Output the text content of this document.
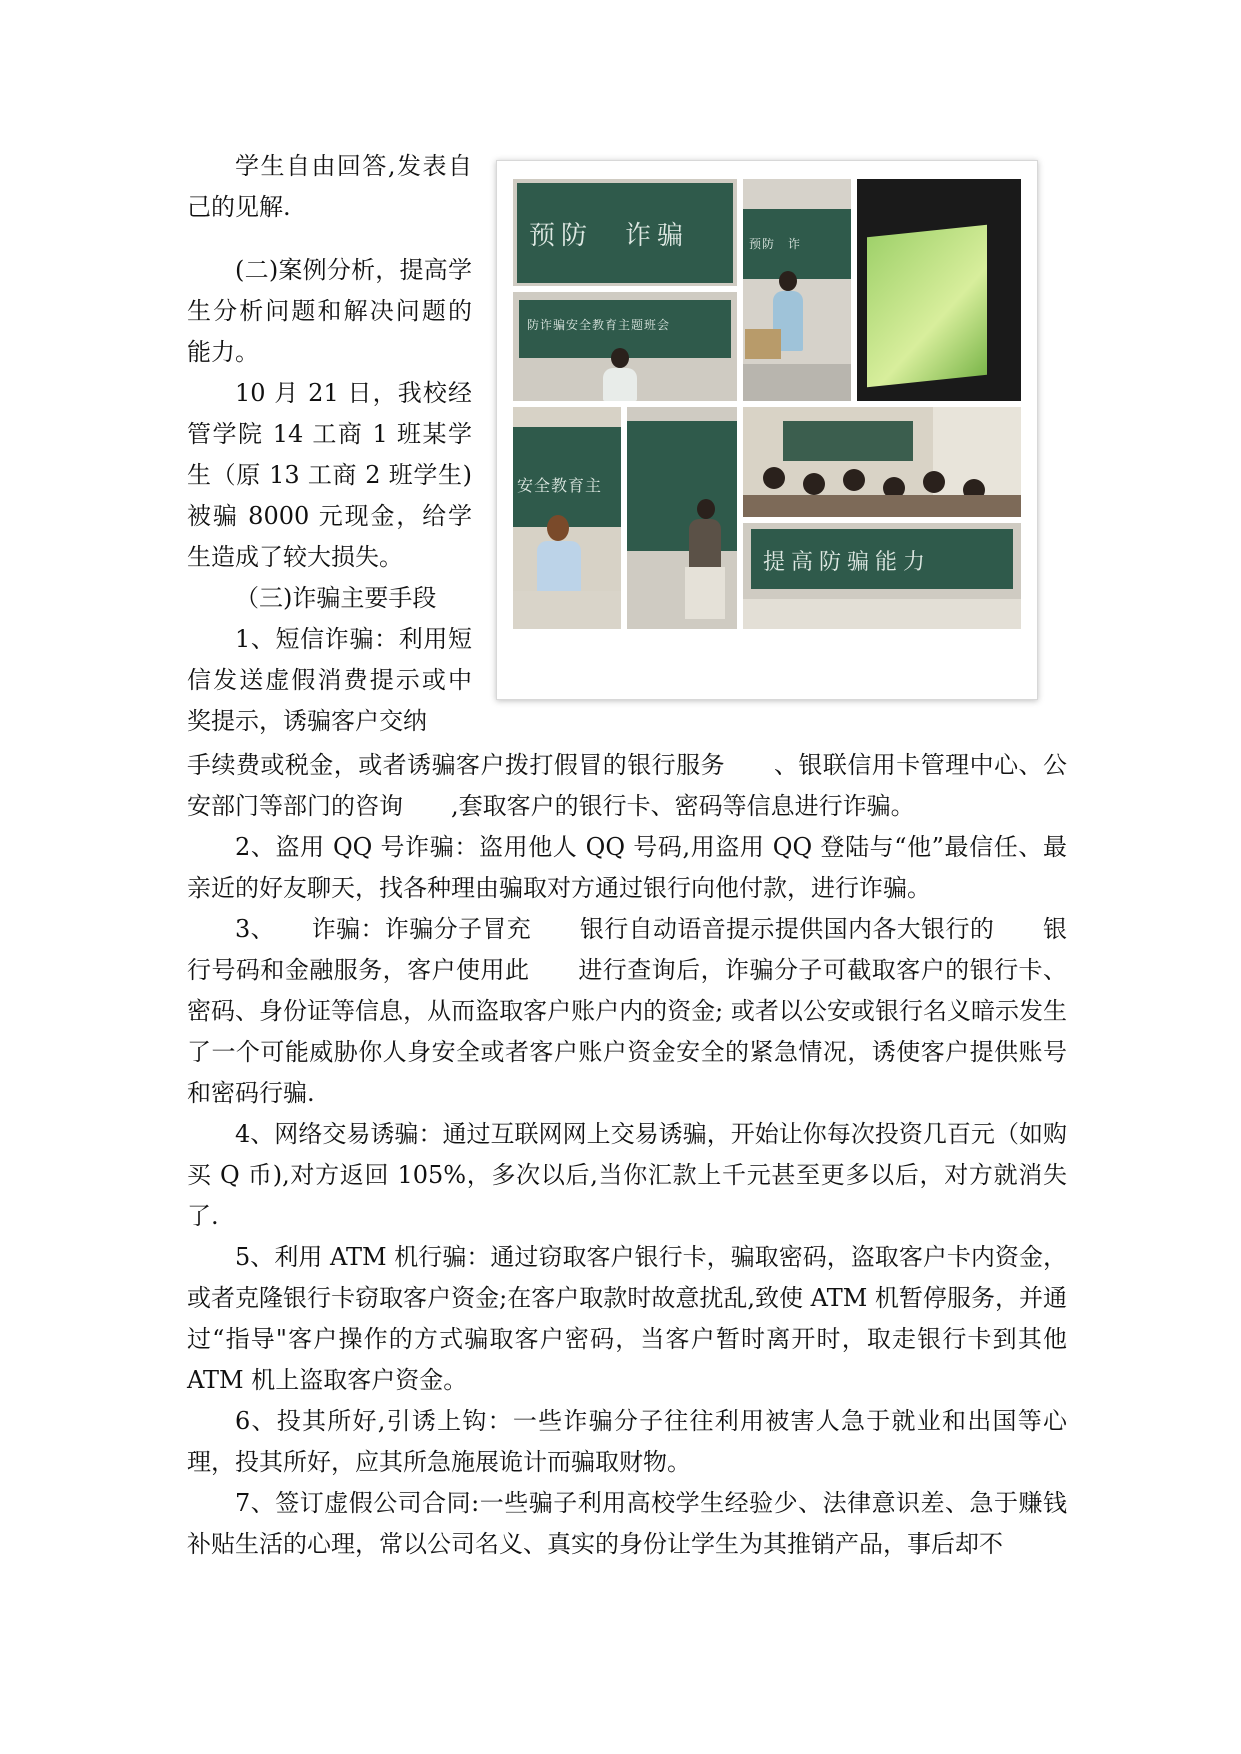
学生自由回答,发表自己的见解.

(二)案例分析，提高学生分析问题和解决问题的能力。

10 月 21 日，我校经管学院 14 工商 1 班某学生（原 13 工商 2 班学生) 被骗 8000 元现金，给学生造成了较大损失。

（三)诈骗主要手段

1、短信诈骗：利用短信发送虚假消费提示或中奖提示，诱骗客户交纳

预防　诈骗	预防　诈
防诈骗安全教育主题班会
安全教育主
提高防骗能力

手续费或税金，或者诱骗客户拨打假冒的银行服务　　、银联信用卡管理中心、公安部门等部门的咨询　　,套取客户的银行卡、密码等信息进行诈骗。

2、盗用 QQ 号诈骗：盗用他人 QQ 号码,用盗用 QQ 登陆与“他”最信任、最亲近的好友聊天，找各种理由骗取对方通过银行向他付款，进行诈骗。

3、　　诈骗：诈骗分子冒充　　银行自动语音提示提供国内各大银行的　　银行号码和金融服务，客户使用此　　进行查询后，诈骗分子可截取客户的银行卡、密码、身份证等信息，从而盗取客户账户内的资金; 或者以公安或银行名义暗示发生了一个可能威胁你人身安全或者客户账户资金安全的紧急情况，诱使客户提供账号和密码行骗.

4、网络交易诱骗：通过互联网网上交易诱骗，开始让你每次投资几百元（如购买 Q 币),对方返回 105%，多次以后,当你汇款上千元甚至更多以后，对方就消失了.

5、利用 ATM 机行骗：通过窃取客户银行卡，骗取密码，盗取客户卡内资金，或者克隆银行卡窃取客户资金;在客户取款时故意扰乱,致使 ATM 机暂停服务，并通过“指导"客户操作的方式骗取客户密码，当客户暂时离开时，取走银行卡到其他 ATM 机上盗取客户资金。

6、投其所好,引诱上钩：一些诈骗分子往往利用被害人急于就业和出国等心理，投其所好，应其所急施展诡计而骗取财物。

7、签订虚假公司合同:一些骗子利用高校学生经验少、法律意识差、急于赚钱补贴生活的心理，常以公司名义、真实的身份让学生为其推销产品，事后却不
